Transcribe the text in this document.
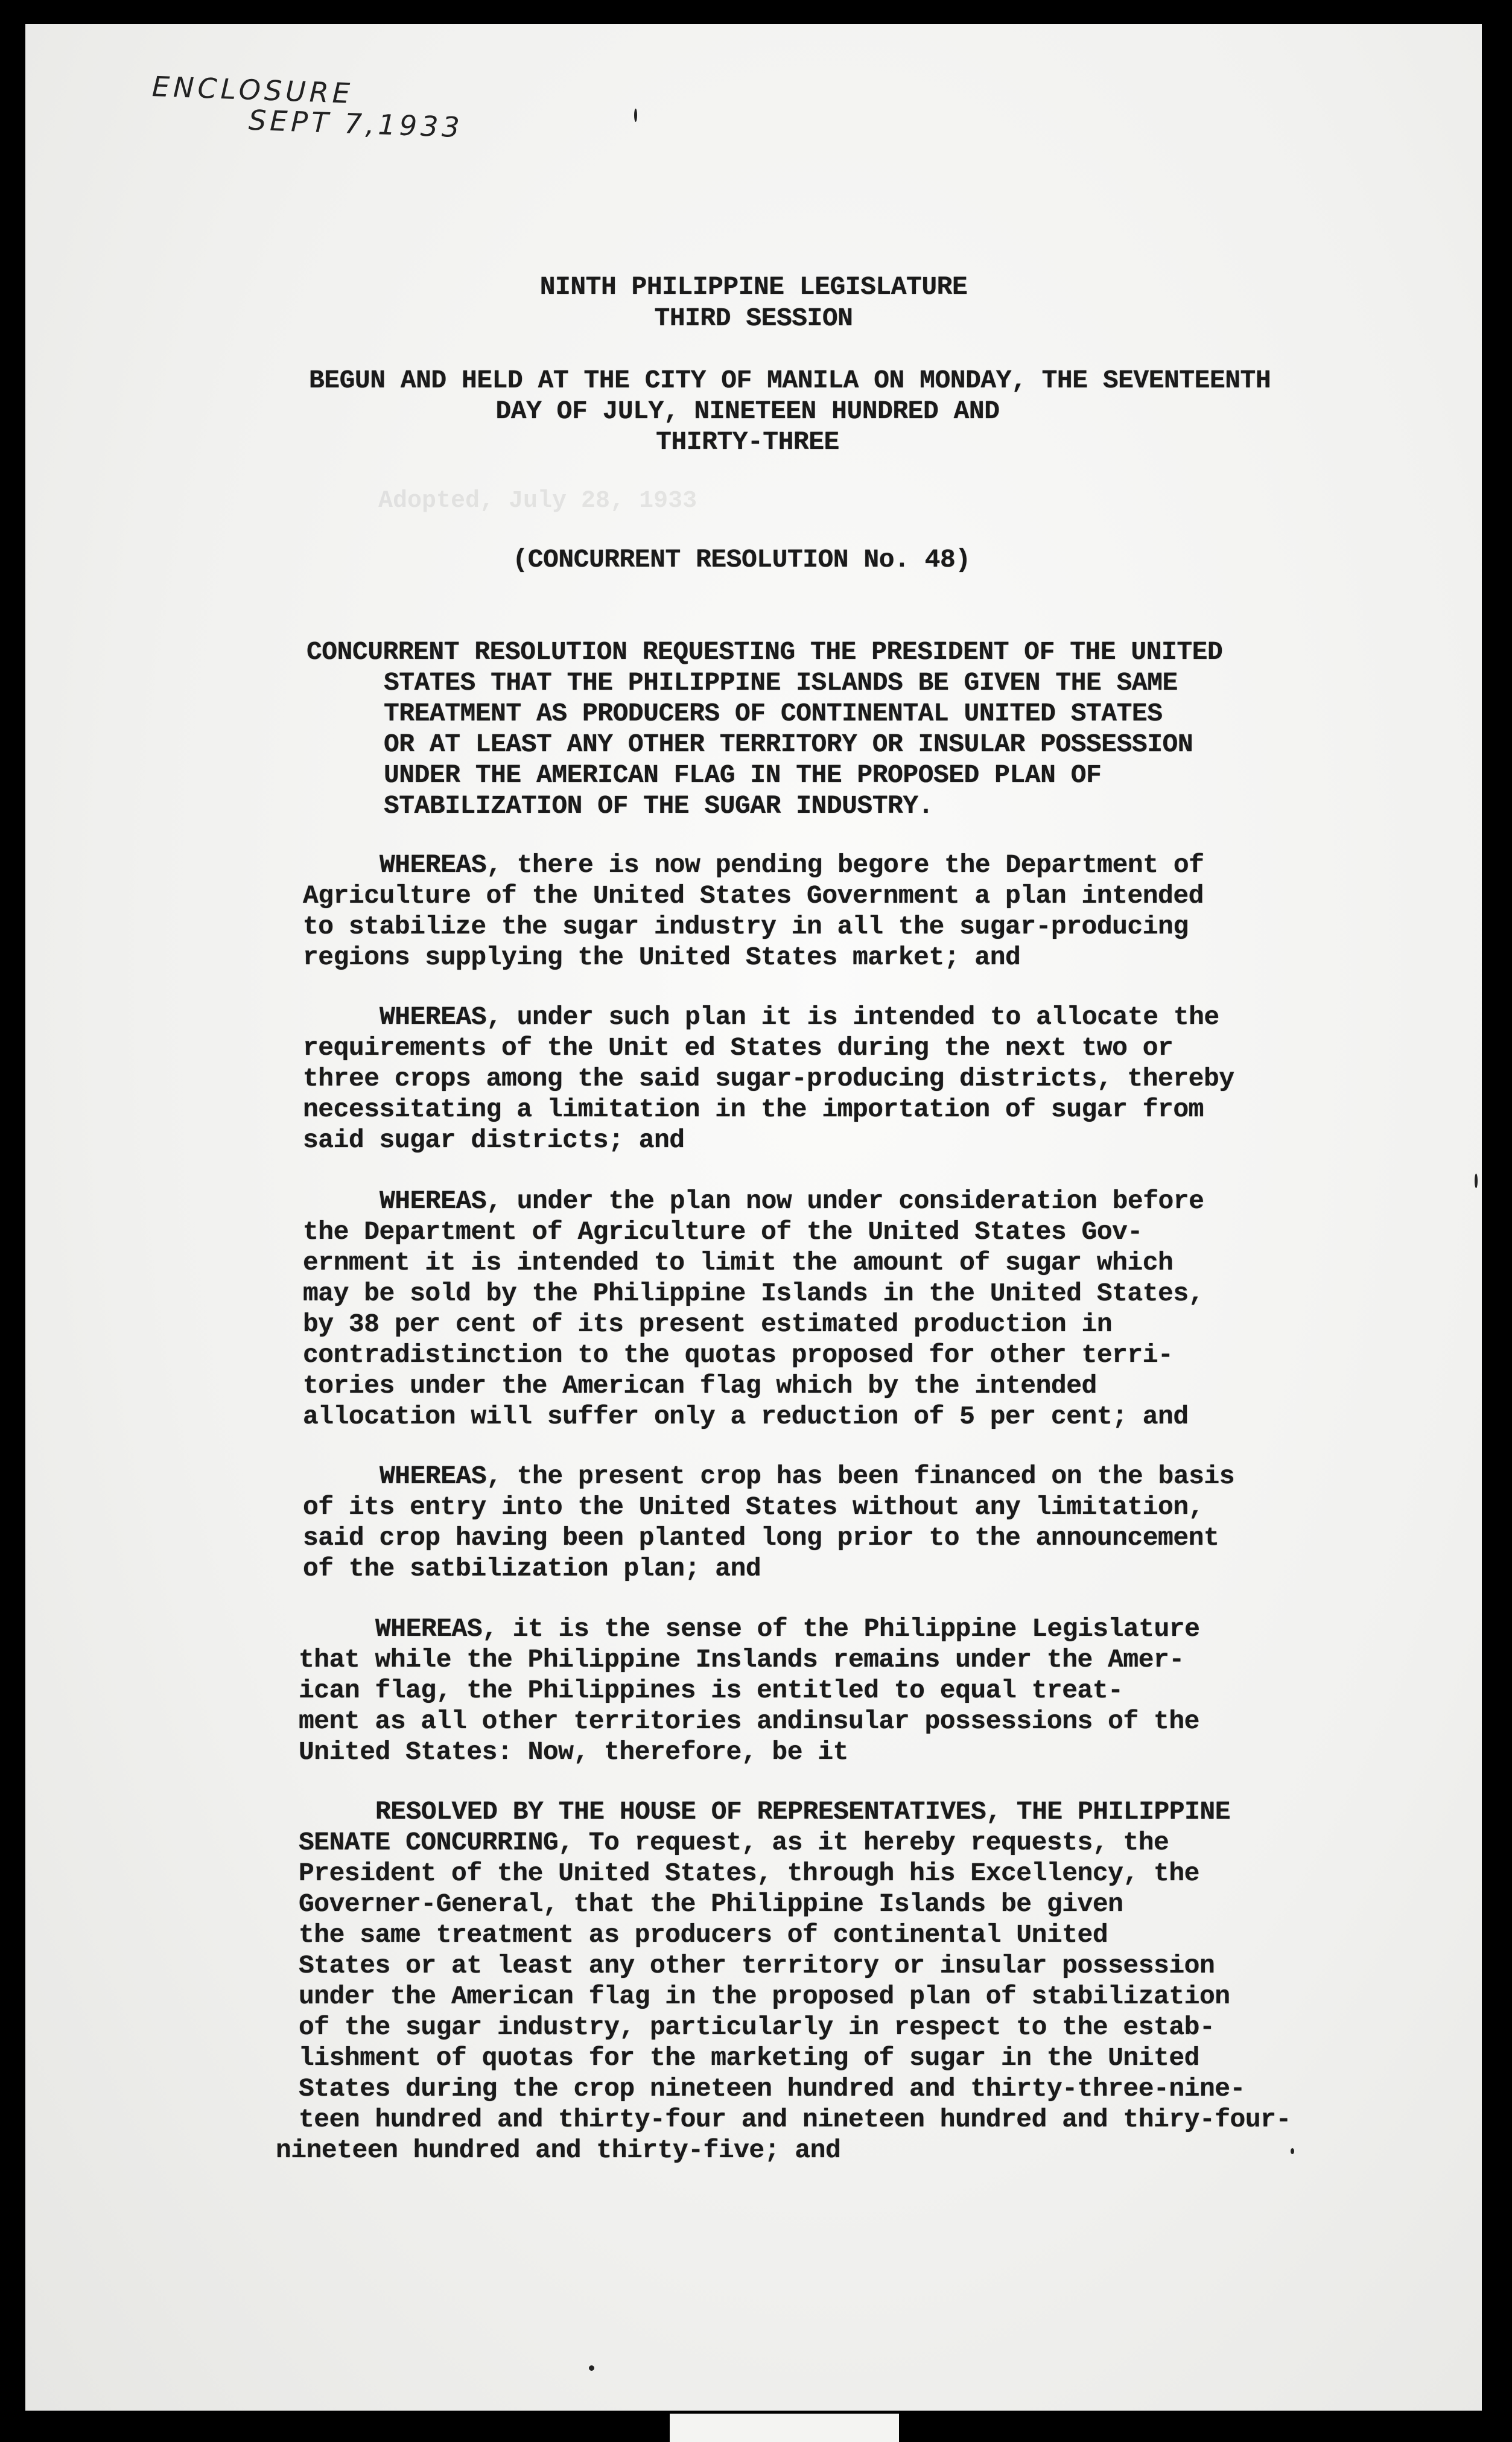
ENCLOSURE
SEPT 7,1933
Adopted, July 28, 1933
NINTH PHILIPPINE LEGISLATURE
THIRD SESSION
BEGUN AND HELD AT THE CITY OF MANILA ON MONDAY, THE SEVENTEENTH
DAY OF JULY, NINETEEN HUNDRED AND
THIRTY-THREE
(CONCURRENT RESOLUTION No. 48)
CONCURRENT RESOLUTION REQUESTING THE PRESIDENT OF THE UNITED
STATES THAT THE PHILIPPINE ISLANDS BE GIVEN THE SAME
TREATMENT AS PRODUCERS OF CONTINENTAL UNITED STATES
OR AT LEAST ANY OTHER TERRITORY OR INSULAR POSSESSION
UNDER THE AMERICAN FLAG IN THE PROPOSED PLAN OF
STABILIZATION OF THE SUGAR INDUSTRY.
WHEREAS, there is now pending begore the Department of
Agriculture of the United States Government a plan intended
to stabilize the sugar industry in all the sugar-producing
regions supplying the United States market; and
WHEREAS, under such plan it is intended to allocate the
requirements of the Unit ed States during the next two or
three crops among the said sugar-producing districts, thereby
necessitating a limitation in the importation of sugar from
said sugar districts; and
WHEREAS, under the plan now under consideration before
the Department of Agriculture of the United States Gov-
ernment it is intended to limit the amount of sugar which
may be sold by the Philippine Islands in the United States,
by 38 per cent of its present estimated production in
contradistinction to the quotas proposed for other terri-
tories under the American flag which by the intended
allocation will suffer only a reduction of 5 per cent; and
WHEREAS, the present crop has been financed on the basis
of its entry into the United States without any limitation,
said crop having been planted long prior to the announcement
of the satbilization plan; and
WHEREAS, it is the sense of the Philippine Legislature
that while the Philippine Inslands remains under the Amer-
ican flag, the Philippines is entitled to equal treat-
ment as all other territories andinsular possessions of the
United States: Now, therefore, be it
RESOLVED BY THE HOUSE OF REPRESENTATIVES, THE PHILIPPINE
SENATE CONCURRING, To request, as it hereby requests, the
President of the United States, through his Excellency, the
Governer-General, that the Philippine Islands be given
the same treatment as producers of continental United
States or at least any other territory or insular possession
under the American flag in the proposed plan of stabilization
of the sugar industry, particularly in respect to the estab-
lishment of quotas for the marketing of sugar in the United
States during the crop nineteen hundred and thirty-three-nine-
teen hundred and thirty-four and nineteen hundred and thiry-four-
nineteen hundred and thirty-five; and
